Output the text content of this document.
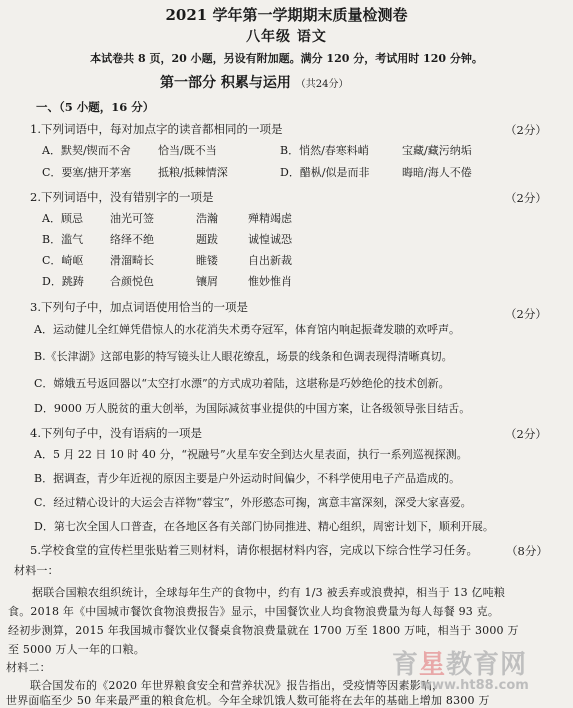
2021 学年第一学期期末质量检测卷
八年级 语文
本试卷共 8 页，20 小题，另设有附加题。满分 120 分，考试用时 120 分钟。
第一部分 积累与运用 （共24分）
一、（5 小题，16 分）
1.下列词语中，每对加点字的读音都相同的一项是	（2分）
A．默契/锲而不舍 恰当/既不当	B．悄然/春寒料峭	宝藏/藏污纳垢
C．要塞/搪开茅塞 抵粮/抵棘情深	D．醋枞/似是而非	晦暗/海人不倦
2.下列词语中，没有错别字的一项是	（2分）
A．顾忌 油光可签	浩瀚	殚精竭虑
B．滥气 络绎不绝	题跋	诚惶诚恐
C．崎岖 滑溜畸长	睢镂	自出新裁
D．跳踌 合颜悦色	镶屑	惟妙惟肖
3.下列句子中，加点词语使用恰当的一项是	（2分）
A．运动健儿全红婵凭借惊人的水花消失术勇夺冠军，体育馆内响起振聋发聩的欢呼声。
B.《长津湖》这部电影的特写镜头让人眼花缭乱，场景的线条和色调表现得清晰真切。
C．嫦娥五号返回器以“太空打水漂”的方式成功着陆，这堪称是巧妙绝伦的技术创新。
D．9000 万人脱贫的重大创举，为国际减贫事业提供的中国方案，让各级领导张目结舌。
4.下列句子中，没有语病的一项是	（2分）
A．5 月 22 日 10 时 40 分，“祝融号”火星车安全到达火星表面，执行一系列巡视探测。
B．据调查，青少年近视的原因主要是户外运动时间偏少，不科学使用电子产品造成的。
C．经过精心设计的大运会吉祥物“蓉宝”，外形憨态可掬，寓意丰富深刻，深受大家喜爱。
D．第七次全国人口普查，在各地区各有关部门协同推进、精心组织，周密计划下，顺利开展。
5.学校食堂的宣传栏里张贴着三则材料，请你根据材料内容，完成以下综合性学习任务。 （8分）
材料一：
据联合国粮农组织统计，全球每年生产的食物中，约有 1/3 被丢弃或浪费掉，相当于 13 亿吨粮
食。2018 年《中国城市餐饮食物浪费报告》显示，中国餐饮业人均食物浪费量为每人每餐 93 克。
经初步测算，2015 年我国城市餐饮业仅餐桌食物浪费量就在 1700 万至 1800 万吨，相当于 3000 万
至 5000 万人一年的口粮。
材料二：
联合国发布的《2020 年世界粮食安全和营养状况》报告指出，受疫情等因素影响，
世界面临至少 50 年来最严重的粮食危机。今年全球饥饿人数可能将在去年的基础上增加 8300 万
育星教育网
www.ht88.com
